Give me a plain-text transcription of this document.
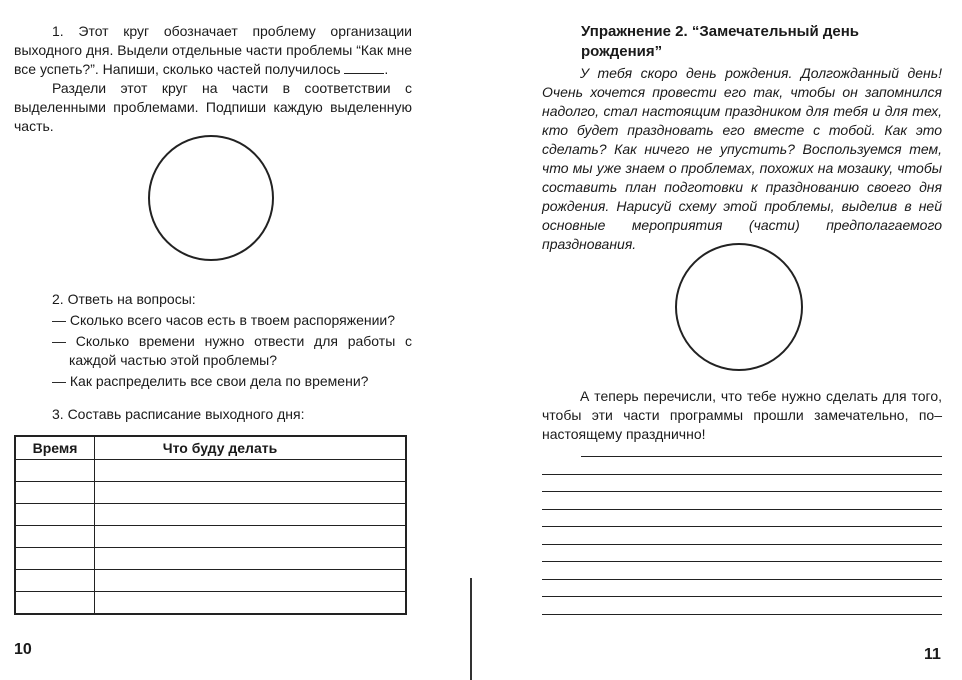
1. Этот круг обозначает проблему организации выходного дня. Выдели отдельные части проблемы “Как мне все успеть?”. Напиши, сколько частей получилось	.

Раздели этот круг на части в соответствии с выделенными проблемами. Подпиши каждую выделенную часть.

2. Ответь на вопросы:

— Сколько всего часов есть в твоем распоряжении?

— Сколько времени нужно отвести для работы с каждой частью этой проблемы?

— Как распределить все свои дела по времени?

3. Составь расписание выходного дня:

Время	Что буду делать

10

Упражнение 2. “Замечательный день рождения”

У тебя скоро день рождения. Долгожданный день! Очень хочется провести его так, чтобы он запомнился надолго, стал настоящим праздником для тебя и для тех, кто будет праздновать его вместе с тобой. Как это сделать? Как ничего не упустить? Воспользуемся тем, что мы уже знаем о проблемах, похожих на мозаику, чтобы составить план подготовки к празднованию своего дня рождения. Нарисуй схему этой проблемы, выделив в ней основные мероприятия (части) предполагаемого празднования.

А теперь перечисли, что тебе нужно сделать для того, чтобы эти части программы прошли замечательно, по–настоящему празднично!

11
